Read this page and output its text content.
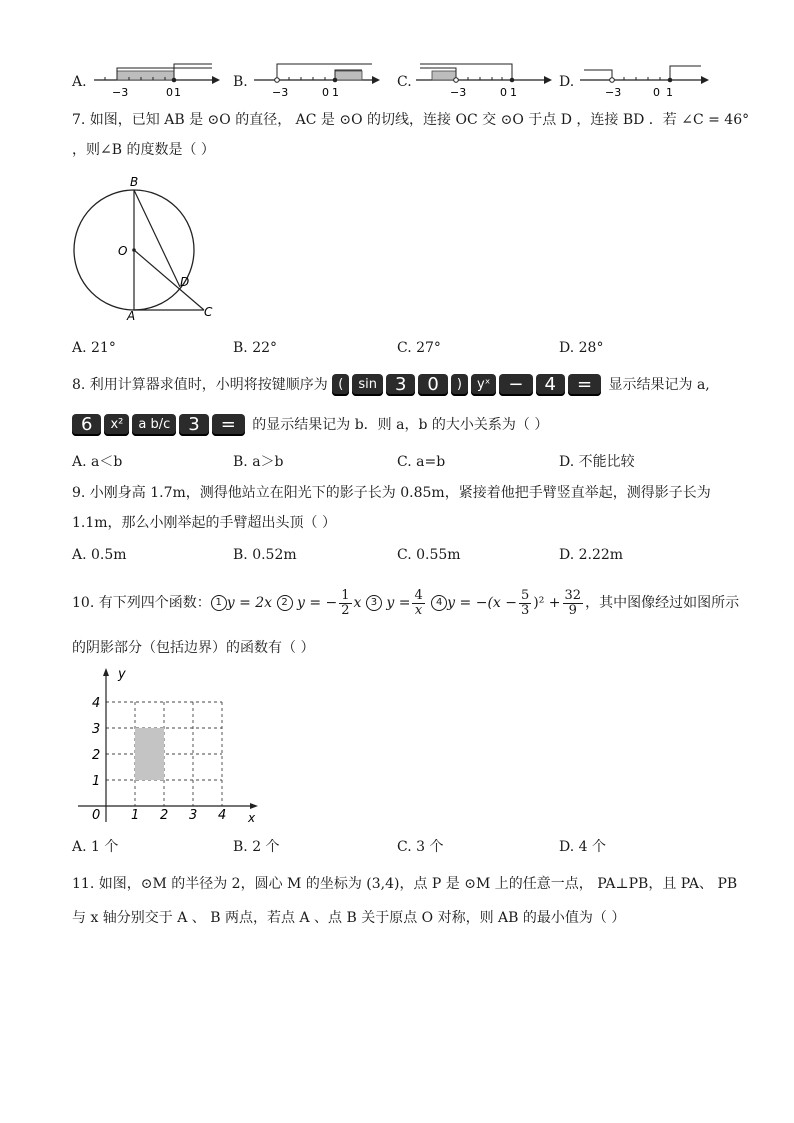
A.
−3	0 1
B.
−3	0 1
C.
−3	0 1
D.
−3	0 1
7. 如图，已知 AB 是 ⊙O 的直径， AC 是 ⊙O 的切线，连接 OC 交 ⊙O 于点 D ，连接 BD ．若 ∠C = 46°
，则∠B 的度数是（ ）
B
O
D
A	C
A. 21°	B. 22°	C. 27°	D. 28°
8. 利用计算器求值时，小明将按键顺序为 ( sin 3 0 ) yˣ − 4 = 显示结果记为 a,
6 x² a b/c 3 = 的显示结果记为 b．则 a，b 的大小关系为（ ）
A. a＜b	B. a＞b	C. a=b	D. 不能比较
9. 小刚身高 1.7m，测得他站立在阳光下的影子长为 0.85m，紧接着他把手臂竖直举起，测得影子长为
1.1m，那么小刚举起的手臂超出头顶（ ）
A. 0.5m	B. 0.52m	C. 0.55m	D. 2.22m
10. 有下列四个函数： 1 y = 2x 2 y = − $\frac{1}{2}$ x 3 $y = \frac{4}{x} 4$ $y = -(x - \frac{5}{3} )^2 + \frac{32}{9}$ ，其中图像经过如图所示
的阴影部分（包括边界）的函数有（ ）
y
x
0 1 2 3 4
1
2
3
4
A. 1 个	B. 2 个	C. 3 个	D. 4 个
11. 如图，⊙M 的半径为 2，圆心 M 的坐标为 (3,4)，点 P 是 ⊙M 上的任意一点， PA⊥PB，且 PA、 PB
与 x 轴分别交于 A 、 B 两点，若点 A 、点 B 关于原点 O 对称，则 AB 的最小值为（ ）
